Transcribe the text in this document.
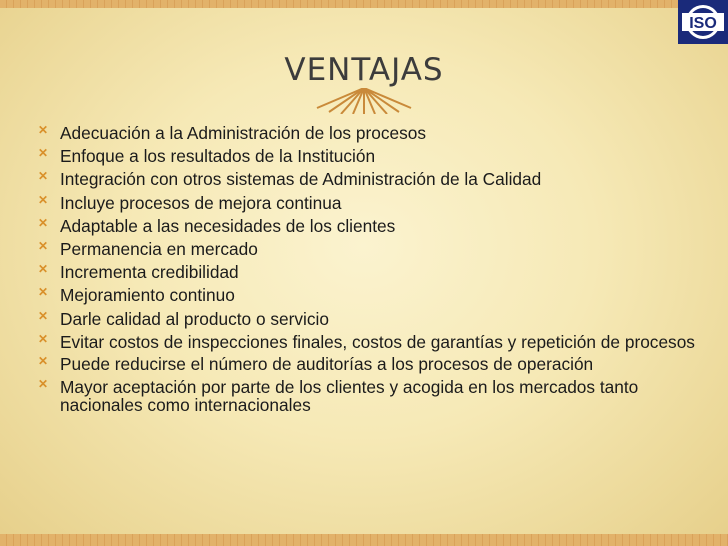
ISO
VENTAJAS
✕ Adecuación a la Administración de los procesos
✕ Enfoque a los resultados de la Institución
✕ Integración con otros sistemas de Administración de la Calidad
✕ Incluye procesos de mejora continua
✕ Adaptable a las necesidades de los clientes
✕ Permanencia en mercado
✕ Incrementa credibilidad
✕ Mejoramiento continuo
✕ Darle calidad al producto o servicio
✕ Evitar costos de inspecciones finales, costos de garantías y repetición de procesos
✕ Puede reducirse el número de auditorías a los procesos de operación
✕ Mayor aceptación por parte de los clientes y acogida en los mercados tanto nacionales como internacionales
